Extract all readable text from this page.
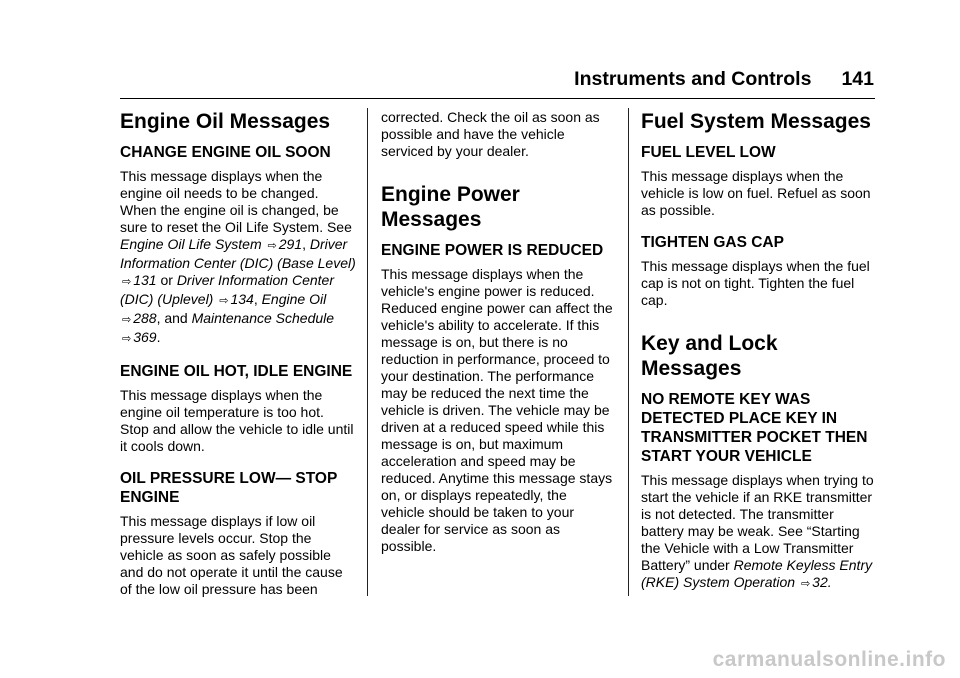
Instruments and Controls 141
Engine Oil Messages
CHANGE ENGINE OIL SOON

This message displays when the engine oil needs to be changed. When the engine oil is changed, be sure to reset the Oil Life System. See Engine Oil Life System ⇨ 291, Driver Information Center (DIC) (Base Level) ⇨ 131 or Driver Information Center (DIC) (Uplevel) ⇨ 134, Engine Oil ⇨ 288, and Maintenance Schedule ⇨ 369.

ENGINE OIL HOT, IDLE ENGINE

This message displays when the engine oil temperature is too hot. Stop and allow the vehicle to idle until it cools down.

OIL PRESSURE LOW— STOP ENGINE

This message displays if low oil pressure levels occur. Stop the vehicle as soon as safely possible and do not operate it until the cause of the low oil pressure has been

corrected. Check the oil as soon as possible and have the vehicle serviced by your dealer.

Engine Power Messages
ENGINE POWER IS REDUCED

This message displays when the vehicle's engine power is reduced. Reduced engine power can affect the vehicle's ability to accelerate. If this message is on, but there is no reduction in performance, proceed to your destination. The performance may be reduced the next time the vehicle is driven. The vehicle may be driven at a reduced speed while this message is on, but maximum acceleration and speed may be reduced. Anytime this message stays on, or displays repeatedly, the vehicle should be taken to your dealer for service as soon as possible.

Fuel System Messages
FUEL LEVEL LOW

This message displays when the vehicle is low on fuel. Refuel as soon as possible.

TIGHTEN GAS CAP

This message displays when the fuel cap is not on tight. Tighten the fuel cap.

Key and Lock Messages
NO REMOTE KEY WAS DETECTED PLACE KEY IN TRANSMITTER POCKET THEN START YOUR VEHICLE

This message displays when trying to start the vehicle if an RKE transmitter is not detected. The transmitter battery may be weak. See “Starting the Vehicle with a Low Transmitter Battery” under Remote Keyless Entry (RKE) System Operation ⇨ 32.

carmanualsonline.info
